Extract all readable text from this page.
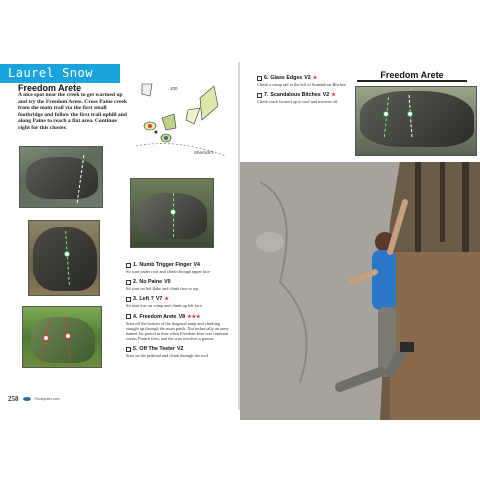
Laurel Snow
Freedom Arete
A nice spot near the creek to get warmed up and try the Freedom Arete. Cross Paine creek from the main trail via the first small footbridge and follow the first trail uphill and along Paine to reach a flat area. Continue right for this cluster.
100
Sherrick's
1. Numb Trigger Finger V4
Sit start under roof and climb through upper face
2. No Paine V0
Sit start on left flake and climb face to top
3. Left ? V7 ★
Sit start low on crimp and climb up left face.
4. Freedom Arete V8 ★★★
Start off the bottom of the diagonal ramp and climbing straight up through the moss patch. Not technically an arete, named for period in time when Freedom fries was common versus French fries, and the crux involves a gaston.
5. Off The Teeter V2
Start on the pedestal and climb through the roof
Freedom Arete
6. Glass Edges V2 ★
Climb a crimp rail to the left of Scandalous Bitches.
7. Scandalous Bitches V2 ★
Climb crack located up to roof and traverse off
258	Rockripster.com
